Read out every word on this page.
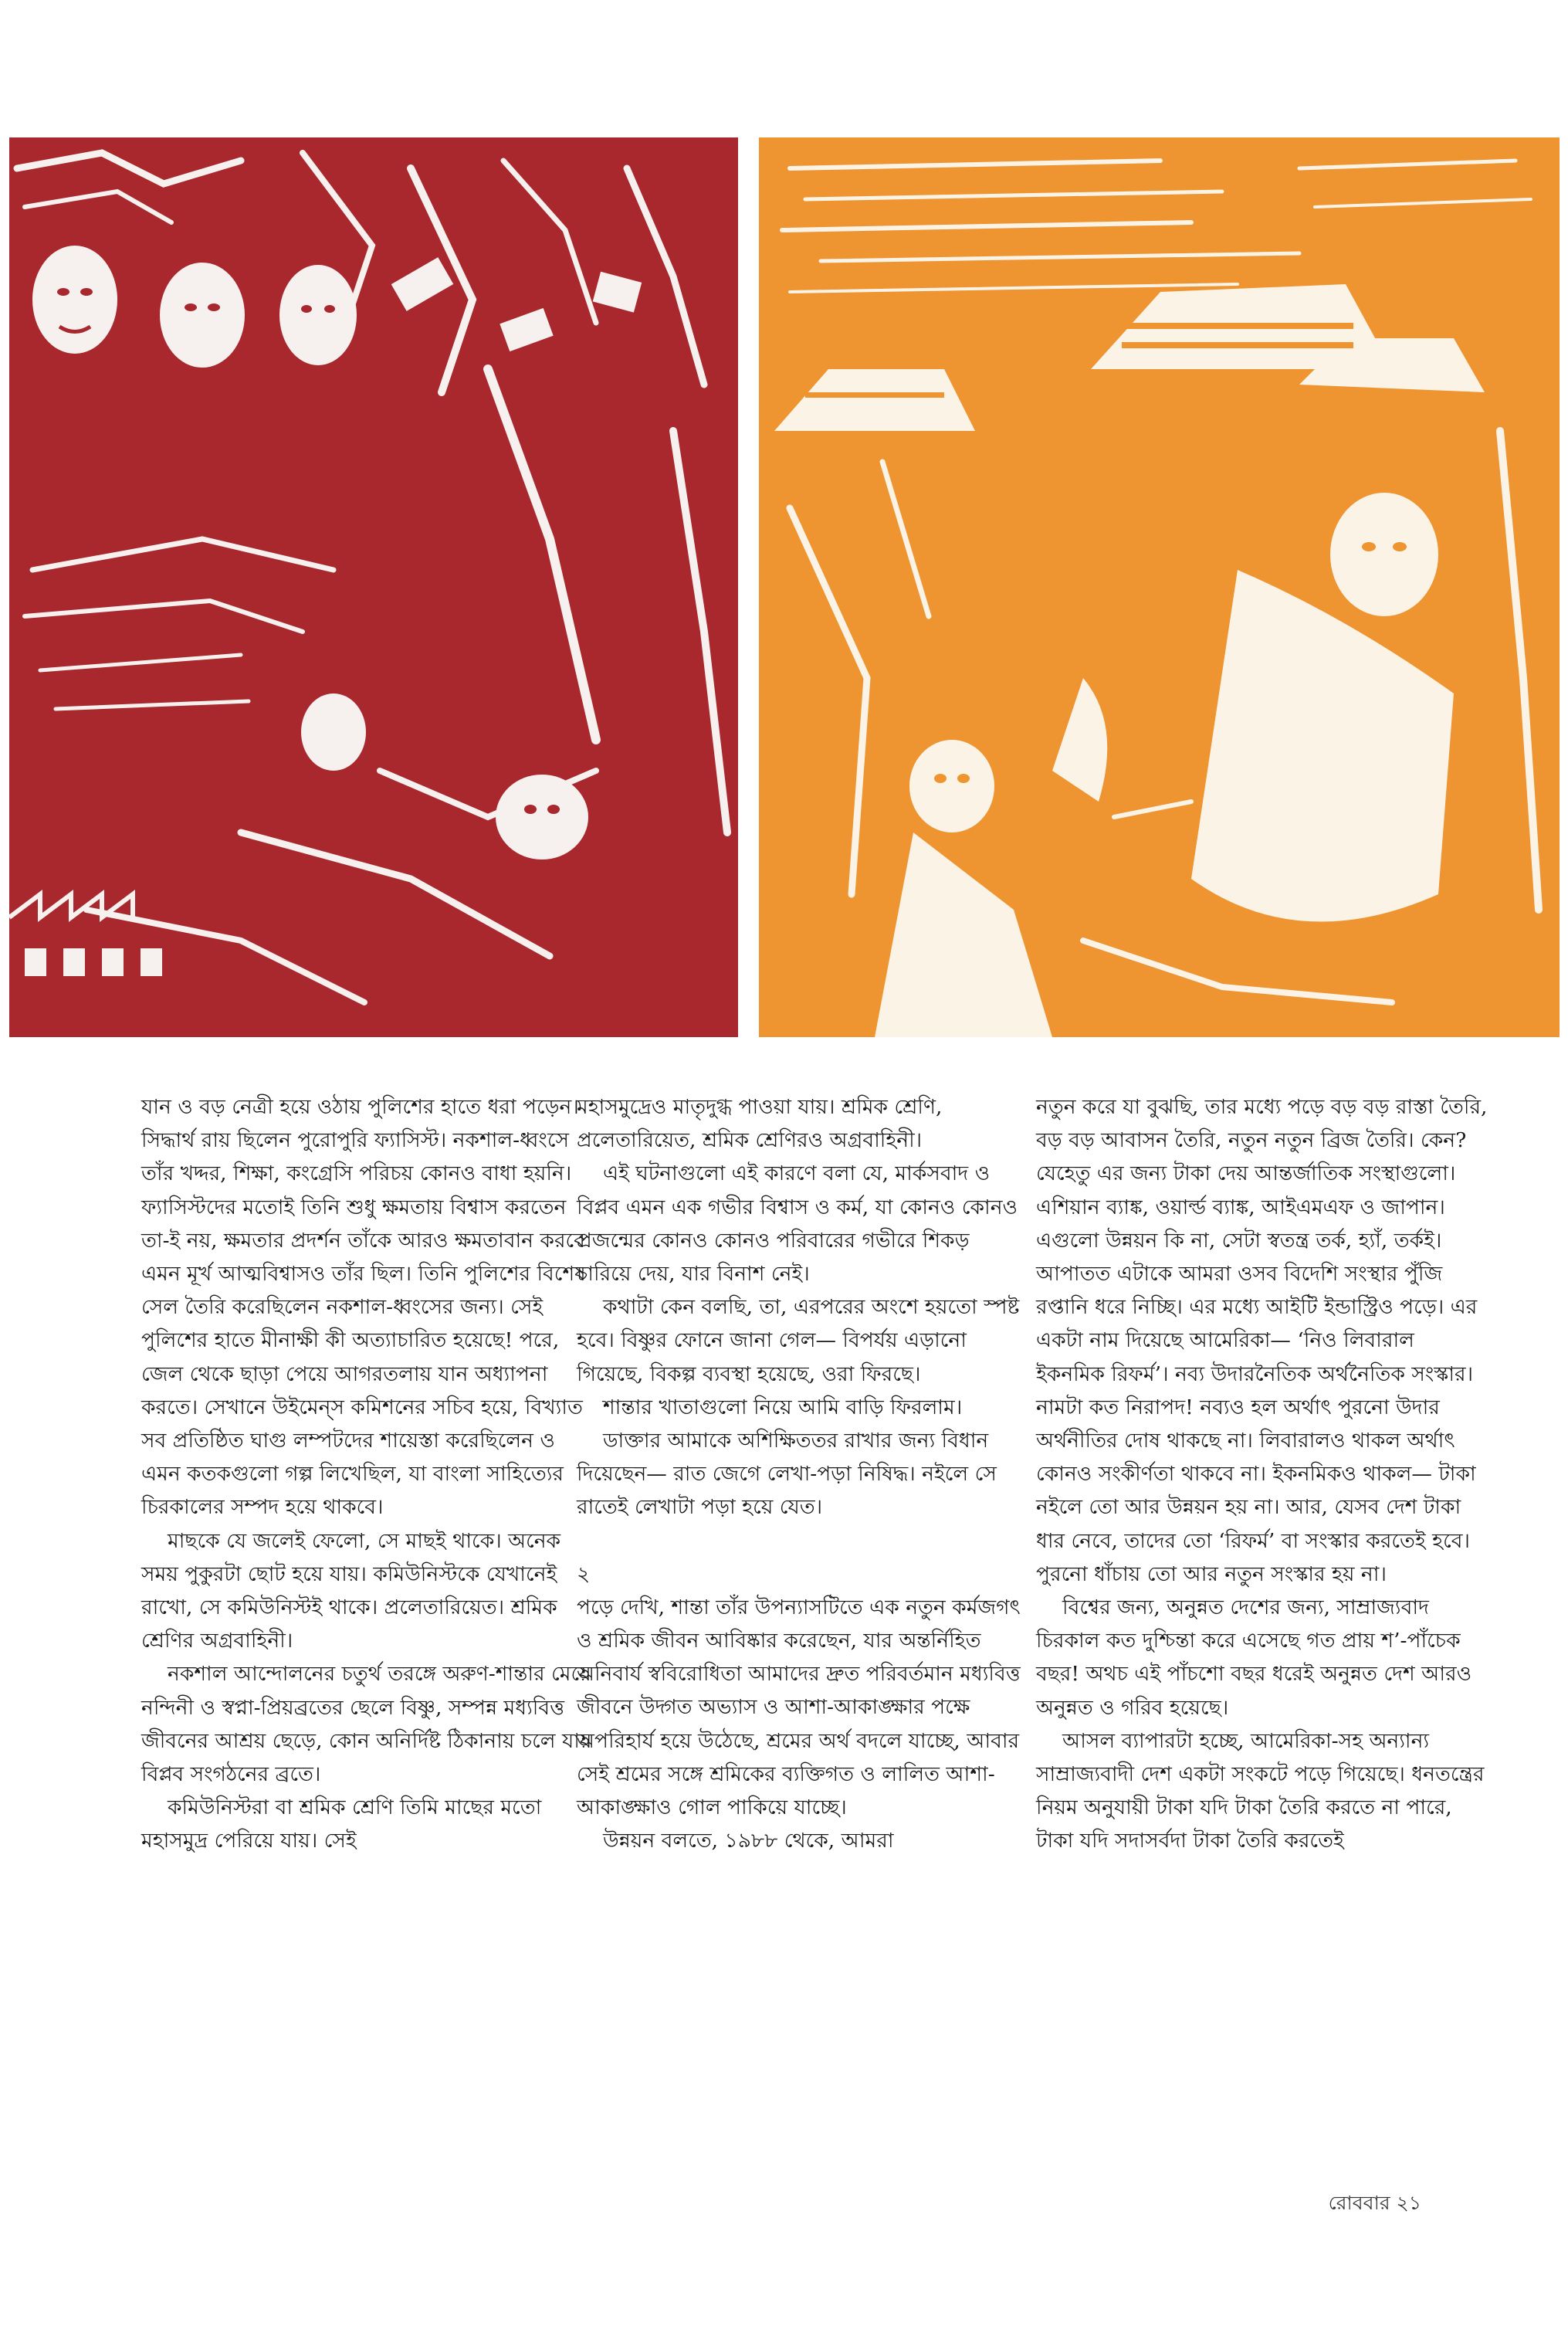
যান ও বড় নেত্রী হয়ে ওঠায় পুলিশের হাতে ধরা পড়েন। সিদ্ধার্থ রায় ছিলেন পুরোপুরি ফ্যাসিস্ট। নকশাল-ধ্বংসে তাঁর খদ্দর, শিক্ষা, কংগ্রেসি পরিচয় কোনও বাধা হয়নি। ফ্যাসিস্টদের মতোই তিনি শুধু ক্ষমতায় বিশ্বাস করতেন তা-ই নয়, ক্ষমতার প্রদর্শন তাঁকে আরও ক্ষমতাবান করবে এমন মূর্খ আত্মবিশ্বাসও তাঁর ছিল। তিনি পুলিশের বিশেষ সেল তৈরি করেছিলেন নকশাল-ধ্বংসের জন্য। সেই পুলিশের হাতে মীনাক্ষী কী অত্যাচারিত হয়েছে! পরে, জেল থেকে ছাড়া পেয়ে আগরতলায় যান অধ্যাপনা করতে। সেখানে উইমেন্‌স কমিশনের সচিব হয়ে, বিখ্যাত সব প্রতিষ্ঠিত ঘাগু লম্পটদের শায়েস্তা করেছিলেন ও এমন কতকগুলো গল্প লিখেছিল, যা বাংলা সাহিত্যের চিরকালের সম্পদ হয়ে থাকবে।

মাছকে যে জলেই ফেলো, সে মাছই থাকে। অনেক সময় পুকুরটা ছোট হয়ে যায়। কমিউনিস্টকে যেখানেই রাখো, সে কমিউনিস্টই থাকে। প্রলেতারিয়েত। শ্রমিক শ্রেণির অগ্রবাহিনী।

নকশাল আন্দোলনের চতুর্থ তরঙ্গে অরুণ-শান্তার মেয়ে নন্দিনী ও স্বপ্না-প্রিয়ব্রতের ছেলে বিষ্ণু, সম্পন্ন মধ্যবিত্ত জীবনের আশ্রয় ছেড়ে, কোন অনির্দিষ্ট ঠিকানায় চলে যায় বিপ্লব সংগঠনের ব্রতে।

কমিউনিস্টরা বা শ্রমিক শ্রেণি তিমি মাছের মতো মহাসমুদ্র পেরিয়ে যায়। সেই

মহাসমুদ্রেও মাতৃদুগ্ধ পাওয়া যায়। শ্রমিক শ্রেণি, প্রলেতারিয়েত, শ্রমিক শ্রেণিরও অগ্রবাহিনী।

এই ঘটনাগুলো এই কারণে বলা যে, মার্কসবাদ ও বিপ্লব এমন এক গভীর বিশ্বাস ও কর্ম, যা কোনও কোনও প্রজন্মের কোনও কোনও পরিবারের গভীরে শিকড় চারিয়ে দেয়, যার বিনাশ নেই।

কথাটা কেন বলছি, তা, এরপরের অংশে হয়তো স্পষ্ট হবে। বিষ্ণুর ফোনে জানা গেল— বিপর্যয় এড়ানো গিয়েছে, বিকল্প ব্যবস্থা হয়েছে, ওরা ফিরছে।

শান্তার খাতাগুলো নিয়ে আমি বাড়ি ফিরলাম।

ডাক্তার আমাকে অশিক্ষিততর রাখার জন্য বিধান দিয়েছেন— রাত জেগে লেখা-পড়া নিষিদ্ধ। নইলে সে রাতেই লেখাটা পড়া হয়ে যেত।

২

পড়ে দেখি, শান্তা তাঁর উপন্যাসটিতে এক নতুন কর্মজগৎ ও শ্রমিক জীবন আবিষ্কার করেছেন, যার অন্তর্নিহিত অনিবার্য স্ববিরোধিতা আমাদের দ্রুত পরিবর্তমান মধ্যবিত্ত জীবনে উদ্গত অভ্যাস ও আশা-আকাঙ্ক্ষার পক্ষে অপরিহার্য হয়ে উঠেছে, শ্রমের অর্থ বদলে যাচ্ছে, আবার সেই শ্রমের সঙ্গে শ্রমিকের ব্যক্তিগত ও লালিত আশা-আকাঙ্ক্ষাও গোল পাকিয়ে যাচ্ছে।

উন্নয়ন বলতে, ১৯৮৮ থেকে, আমরা

নতুন করে যা বুঝছি, তার মধ্যে পড়ে বড় বড় রাস্তা তৈরি, বড় বড় আবাসন তৈরি, নতুন নতুন ব্রিজ তৈরি। কেন? যেহেতু এর জন্য টাকা দেয় আন্তর্জাতিক সংস্থাগুলো। এশিয়ান ব্যাঙ্ক, ওয়ার্ল্ড ব্যাঙ্ক, আইএমএফ ও জাপান। এগুলো উন্নয়ন কি না, সেটা স্বতন্ত্র তর্ক, হ্যাঁ, তর্কই। আপাতত এটাকে আমরা ওসব বিদেশি সংস্থার পুঁজি রপ্তানি ধরে নিচ্ছি। এর মধ্যে আইটি ইন্ডাস্ট্রিও পড়ে। এর একটা নাম দিয়েছে আমেরিকা— ‘নিও লিবারাল ইকনমিক রিফর্ম’। নব্য উদারনৈতিক অর্থনৈতিক সংস্কার। নামটা কত নিরাপদ! নব্যও হল অর্থাৎ পুরনো উদার অর্থনীতির দোষ থাকছে না। লিবারালও থাকল অর্থাৎ কোনও সংকীর্ণতা থাকবে না। ইকনমিকও থাকল— টাকা নইলে তো আর উন্নয়ন হয় না। আর, যেসব দেশ টাকা ধার নেবে, তাদের তো ‘রিফর্ম’ বা সংস্কার করতেই হবে। পুরনো ধাঁচায় তো আর নতুন সংস্কার হয় না।

বিশ্বের জন্য, অনুন্নত দেশের জন্য, সাম্রাজ্যবাদ চিরকাল কত দুশ্চিন্তা করে এসেছে গত প্রায় শ’-পাঁচেক বছর! অথচ এই পাঁচশো বছর ধরেই অনুন্নত দেশ আরও অনুন্নত ও গরিব হয়েছে।

আসল ব্যাপারটা হচ্ছে, আমেরিকা-সহ অন্যান্য সাম্রাজ্যবাদী দেশ একটা সংকটে পড়ে গিয়েছে। ধনতন্ত্রের নিয়ম অনুযায়ী টাকা যদি টাকা তৈরি করতে না পারে, টাকা যদি সদাসর্বদা টাকা তৈরি করতেই

রোববার ২১
